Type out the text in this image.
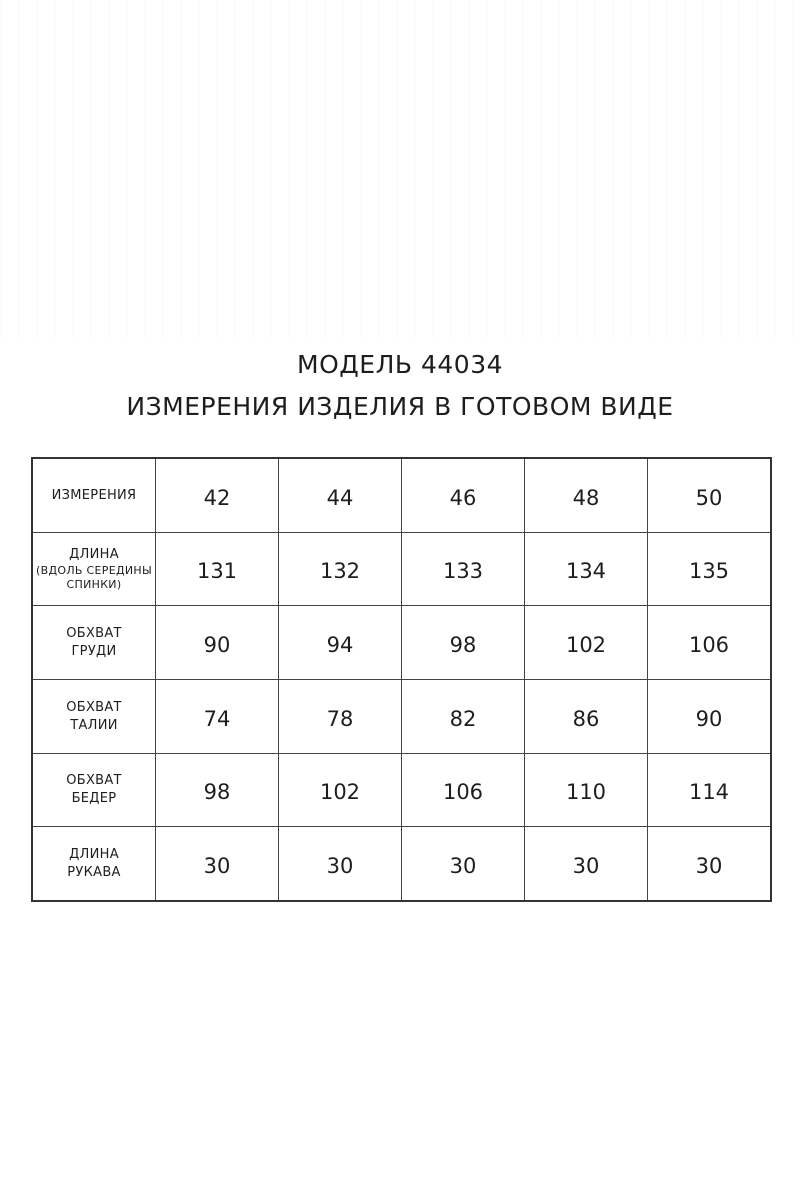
МОДЕЛЬ 44034
ИЗМЕРЕНИЯ ИЗДЕЛИЯ В ГОТОВОМ ВИДЕ
ИЗМЕРЕНИЯ	42	44	46	48	50

ДЛИНА
(ВДОЛЬ СЕРЕДИНЫ
СПИНКИ)	131	132	133	134	135
ОБХВАТ
ГРУДИ	90	94	98	102	106
ОБХВАТ
ТАЛИИ	74	78	82	86	90
ОБХВАТ
БЕДЕР	98	102	106	110	114
ДЛИНА
РУКАВА	30	30	30	30	30
